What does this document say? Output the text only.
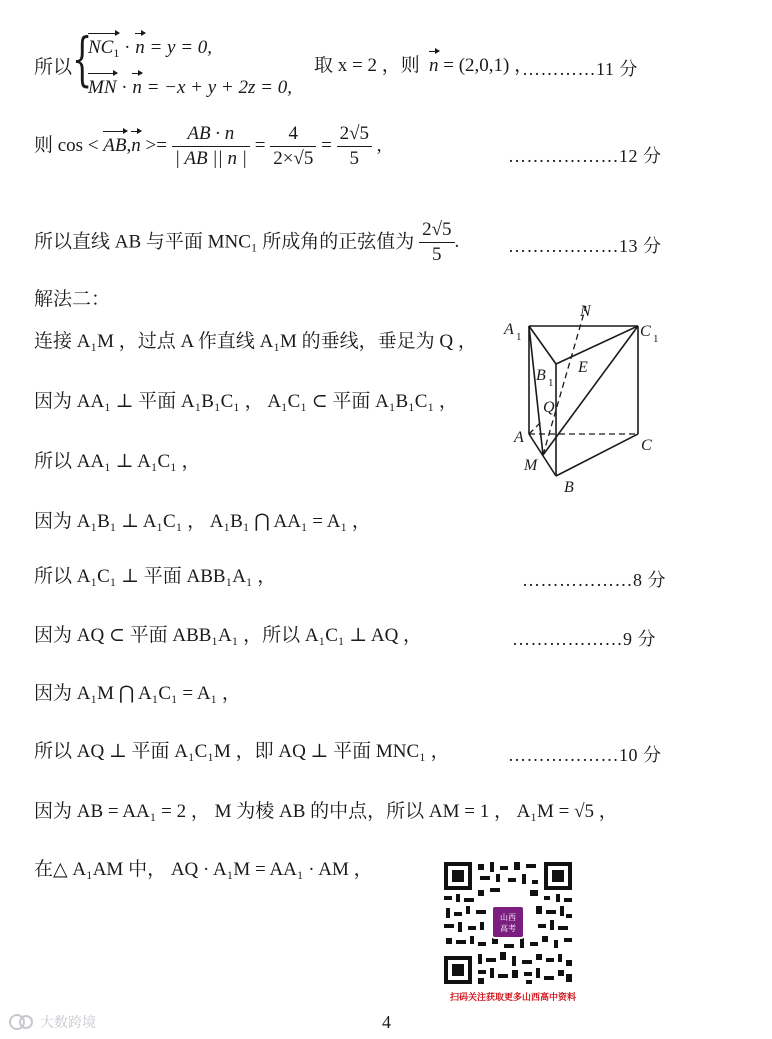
所以 {
$NC_1 \cdot n = y = 0$,
MN · n = −x + y + 2z = 0,
取 x = 2 ，则 n = (2,0,1) ，
…………11 分
则 $\cos < AB,n >= \frac{AB \cdot n}{| AB || n |} = \frac{4}{2\times√5} = \frac{2√5}{5}$ ,
………………12 分
所以直线 AB 与平面 MNC₁ 所成角的正弦值为 $\frac{2√5}{5}$ .	………………13 分
解法二：
连接 A₁M ，过点 A 作直线 A₁M 的垂线，垂足为 Q ，
因为 AA₁ ⊥ 平面 A₁B₁C₁ ， A₁C₁ ⊂ 平面 A₁B₁C₁ ，
所以 AA₁ ⊥ A₁C₁ ，
因为 A₁B₁ ⊥ A₁C₁ ， A₁B₁ ⋂ AA₁ = A₁ ，
所以 A₁C₁ ⊥ 平面 ABB₁A₁ ，	………………8 分
因为 AQ ⊂ 平面 ABB₁A₁ ，所以 A₁C₁ ⊥ AQ ，	………………9 分
因为 A₁M ⋂ A₁C₁ = A₁ ，
所以 AQ ⊥ 平面 A₁C₁M ，即 AQ ⊥ 平面 MNC₁ ，	………………10 分
因为 AB = AA₁ = 2 ， M 为棱 AB 的中点，所以 AM = 1 ， A₁M = √5 ，
在△ A₁AM 中， AQ · A₁M = AA₁ · AM ，
N
A 1	C 1
B 1
E
Q
A	C
M
B
山西
高考
扫码关注获取更多山西高中资料
4
大数跨境
